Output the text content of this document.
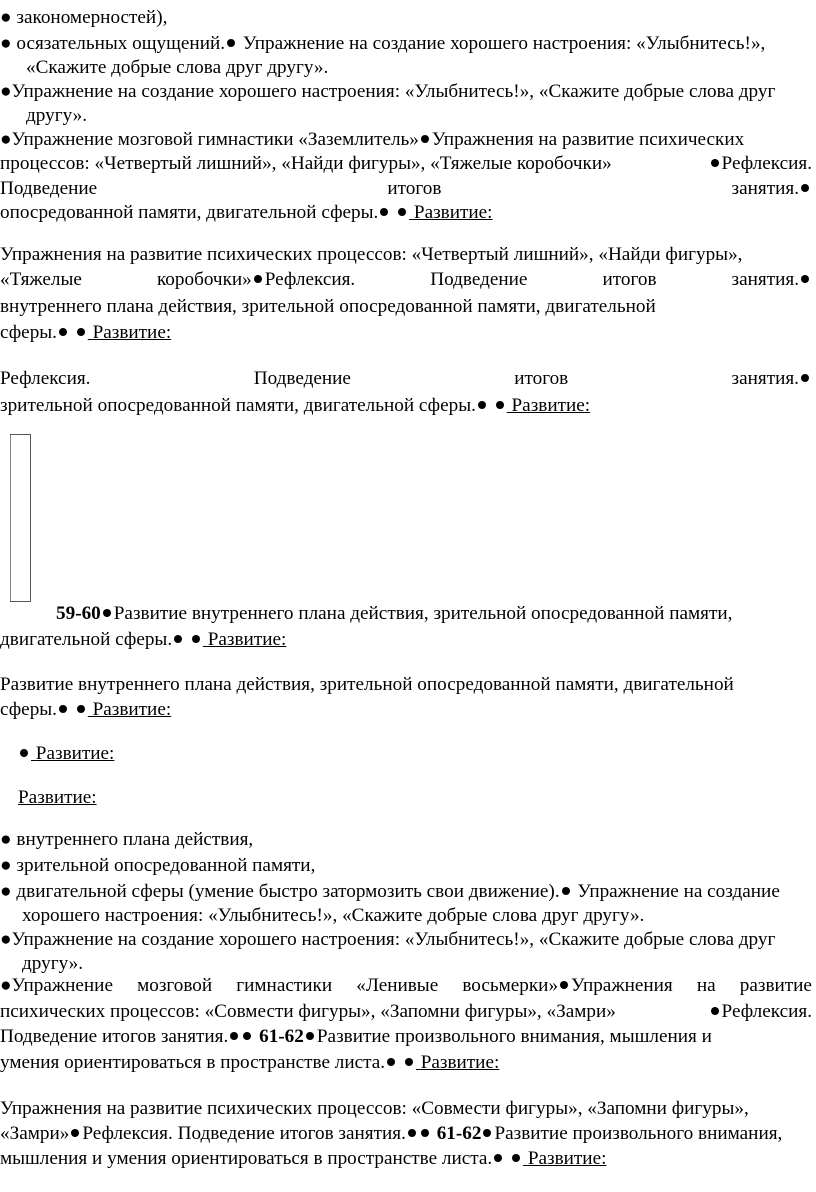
● закономерностей),
● осязательных ощущений. Упражнение на создание хорошего настроения: «Улыбнитесь!»,
«Скажите добрые слова друг другу».
●Упражнение на создание хорошего настроения: «Улыбнитесь!», «Скажите добрые слова друг
другу».
●Упражнение мозговой гимнастики «Заземлитель» Упражнения на развитие психических
процессов: «Четвертый лишний», «Найди фигуры», «Тяжелые коробочки»	Рефлексия.
Подведение	итогов	занятия.
опосредованной памяти, двигательной сферы. Развитие:
Упражнения на развитие психических процессов: «Четвертый лишний», «Найди фигуры»,
«Тяжелые	коробочки» Рефлексия.	Подведение	итогов	занятия.
внутреннего плана действия, зрительной опосредованной памяти, двигательной
сферы. Развитие:
Рефлексия.	Подведение	итогов	занятия.
зрительной опосредованной памяти, двигательной сферы. Развитие:
59-60 Развитие внутреннего плана действия, зрительной опосредованной памяти,
двигательной сферы. Развитие:
Развитие внутреннего плана действия, зрительной опосредованной памяти, двигательной
сферы. Развитие:
Развитие:
Развитие:
● внутреннего плана действия,
● зрительной опосредованной памяти,
● двигательной сферы (умение быстро затормозить свои движение). Упражнение на создание
хорошего настроения: «Улыбнитесь!», «Скажите добрые слова друг другу».
●Упражнение на создание хорошего настроения: «Улыбнитесь!», «Скажите добрые слова друг
другу».
●Упражнение мозговой гимнастики «Ленивые восьмерки» Упражнения на развитие
психических процессов: «Совмести фигуры», «Запомни фигуры», «Замри»	Рефлексия.
Подведение итогов занятия. 61-62 Развитие произвольного внимания, мышления и
умения ориентироваться в пространстве листа. Развитие:
Упражнения на развитие психических процессов: «Совмести фигуры», «Запомни фигуры»,
«Замри» Рефлексия. Подведение итогов занятия. 61-62 Развитие произвольного внимания,
мышления и умения ориентироваться в пространстве листа. Развитие:
